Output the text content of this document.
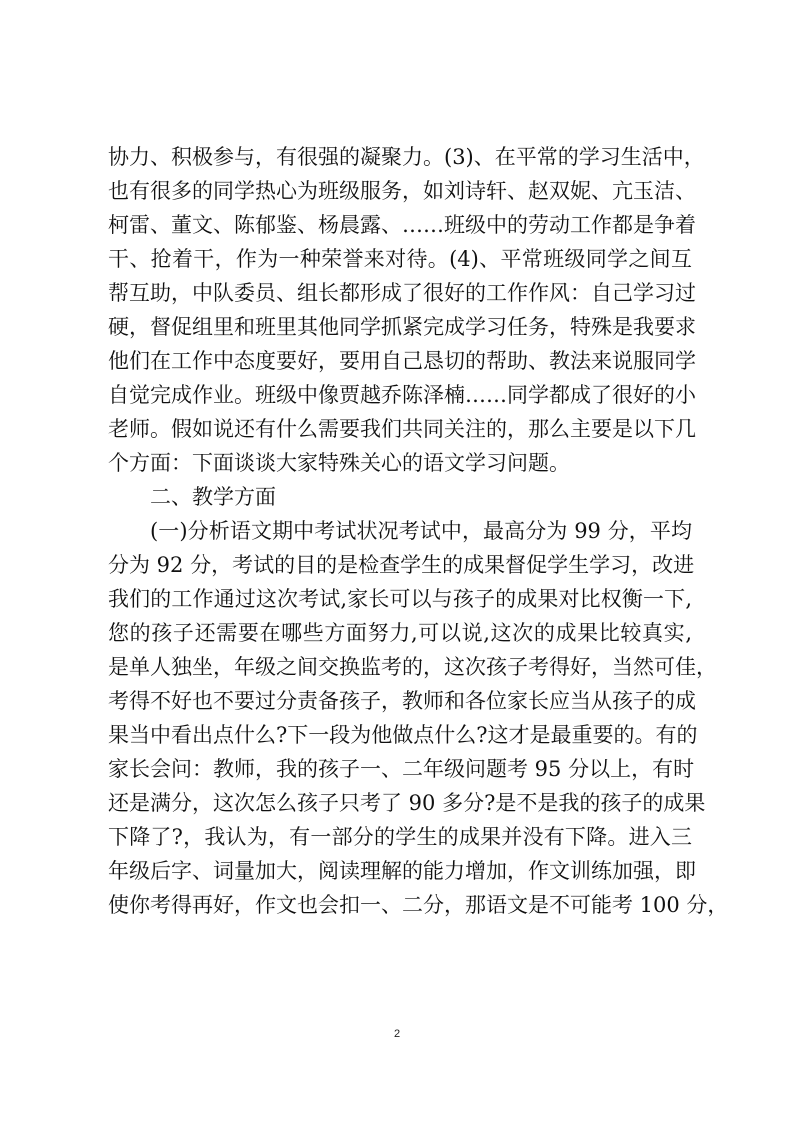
协力、积极参与，有很强的凝聚力。(3)、在平常的学习生活中，
也有很多的同学热心为班级服务，如刘诗轩、赵双妮、亢玉洁、
柯雷、董文、陈郁鉴、杨晨露、……班级中的劳动工作都是争着
干、抢着干，作为一种荣誉来对待。(4)、平常班级同学之间互
帮互助，中队委员、组长都形成了很好的工作作风：自己学习过
硬，督促组里和班里其他同学抓紧完成学习任务，特殊是我要求
他们在工作中态度要好，要用自己恳切的帮助、教法来说服同学
自觉完成作业。班级中像贾越乔陈泽楠……同学都成了很好的小
老师。假如说还有什么需要我们共同关注的，那么主要是以下几
个方面：下面谈谈大家特殊关心的语文学习问题。
二、教学方面
(一)分析语文期中考试状况考试中，最高分为 99 分，平均
分为 92 分，考试的目的是检查学生的成果督促学生学习，改进
我们的工作通过这次考试,家长可以与孩子的成果对比权衡一下,
您的孩子还需要在哪些方面努力,可以说,这次的成果比较真实,
是单人独坐，年级之间交换监考的，这次孩子考得好，当然可佳，
考得不好也不要过分责备孩子，教师和各位家长应当从孩子的成
果当中看出点什么?下一段为他做点什么?这才是最重要的。有的
家长会问：教师，我的孩子一、二年级问题考 95 分以上，有时
还是满分，这次怎么孩子只考了 90 多分?是不是我的孩子的成果
下降了?，我认为，有一部分的学生的成果并没有下降。进入三
年级后字、词量加大，阅读理解的能力增加，作文训练加强，即
使你考得再好，作文也会扣一、二分，那语文是不可能考 100 分，
2
